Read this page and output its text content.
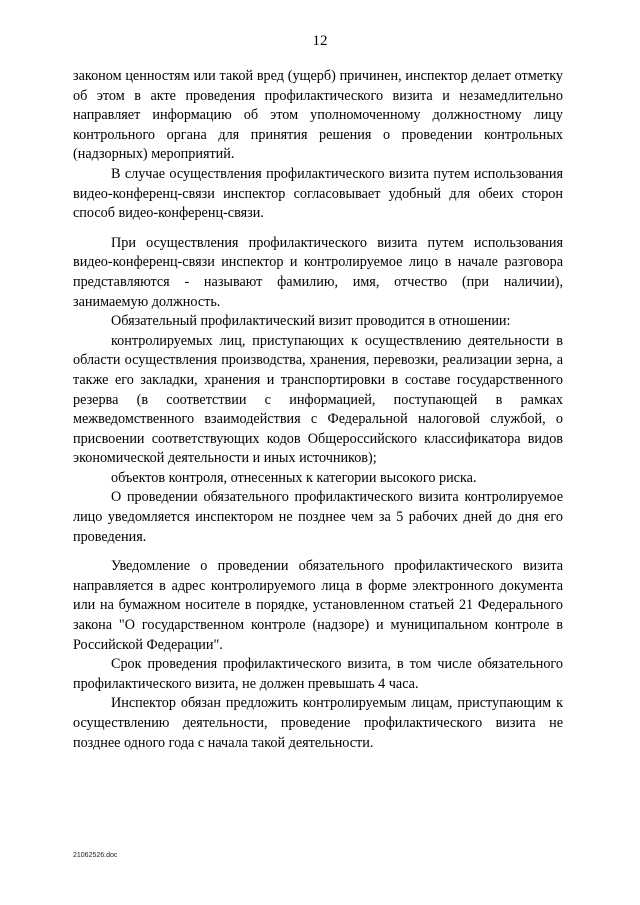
12

законом ценностям или такой вред (ущерб) причинен, инспектор делает отметку об этом в акте проведения профилактического визита и незамедлительно направляет информацию об этом уполномоченному должностному лицу контрольного органа для принятия решения о проведении контрольных (надзорных) мероприятий.

В случае осуществления профилактического визита путем использования видео-конференц-связи инспектор согласовывает удобный для обеих сторон способ видео-конференц-связи.

При осуществления профилактического визита путем использования видео-конференц-связи инспектор и контролируемое лицо в начале разговора представляются - называют фамилию, имя, отчество (при наличии), занимаемую должность.

Обязательный профилактический визит проводится в отношении:

контролируемых лиц, приступающих к осуществлению деятельности в области осуществления производства, хранения, перевозки, реализации зерна, а также его закладки, хранения и транспортировки в составе государственного резерва (в соответствии с информацией, поступающей в рамках межведомственного взаимодействия с Федеральной налоговой службой, о присвоении соответствующих кодов Общероссийского классификатора видов экономической деятельности и иных источников);

объектов контроля, отнесенных к категории высокого риска.

О проведении обязательного профилактического визита контролируемое лицо уведомляется инспектором не позднее чем за 5 рабочих дней до дня его проведения.

Уведомление о проведении обязательного профилактического визита направляется в адрес контролируемого лица в форме электронного документа или на бумажном носителе в порядке, установленном статьей 21 Федерального закона "О государственном контроле (надзоре) и муниципальном контроле в Российской Федерации".

Срок проведения профилактического визита, в том числе обязательного профилактического визита, не должен превышать 4 часа.

Инспектор обязан предложить контролируемым лицам, приступающим к осуществлению деятельности, проведение профилактического визита не позднее одного года с начала такой деятельности.

21062526.doc
